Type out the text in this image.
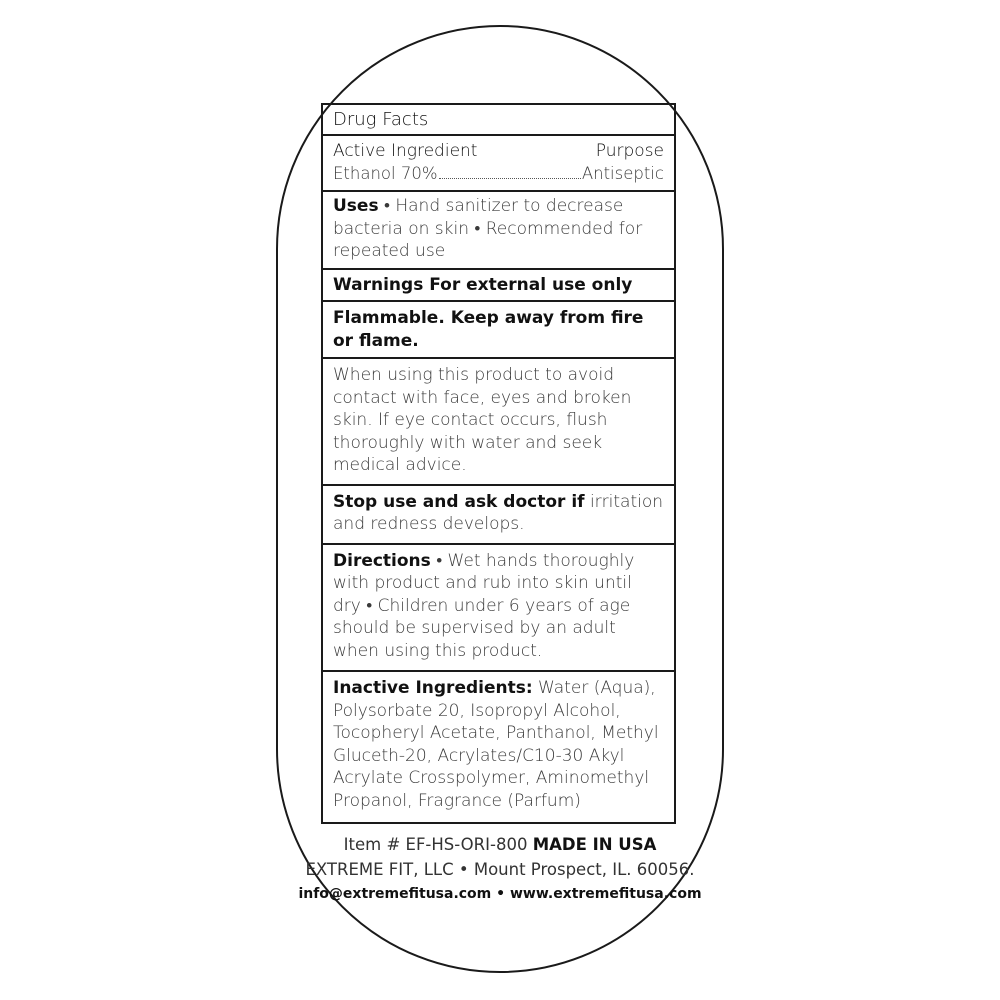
Drug Facts
Active Ingredient	Purpose
Ethanol 70%	Antiseptic
Uses • Hand sanitizer to decrease bacteria on skin • Recommended for repeated use
Warnings For external use only
Flammable. Keep away from fire or flame.
When using this product to avoid contact with face, eyes and broken skin. If eye contact occurs, flush thoroughly with water and seek medical advice.
Stop use and ask doctor if irritation and redness develops.
Directions • Wet hands thoroughly with product and rub into skin until dry • Children under 6 years of age should be supervised by an adult when using this product.
Inactive Ingredients: Water (Aqua), Polysorbate 20, Isopropyl Alcohol, Tocopheryl Acetate, Panthanol, Methyl Gluceth-20, Acrylates/C10-30 Akyl Acrylate Crosspolymer, Aminomethyl Propanol, Fragrance (Parfum)
Item # EF-HS-ORI-800 MADE IN USA
EXTREME FIT, LLC • Mount Prospect, IL. 60056.
info@extremefitusa.com • www.extremefitusa.com
